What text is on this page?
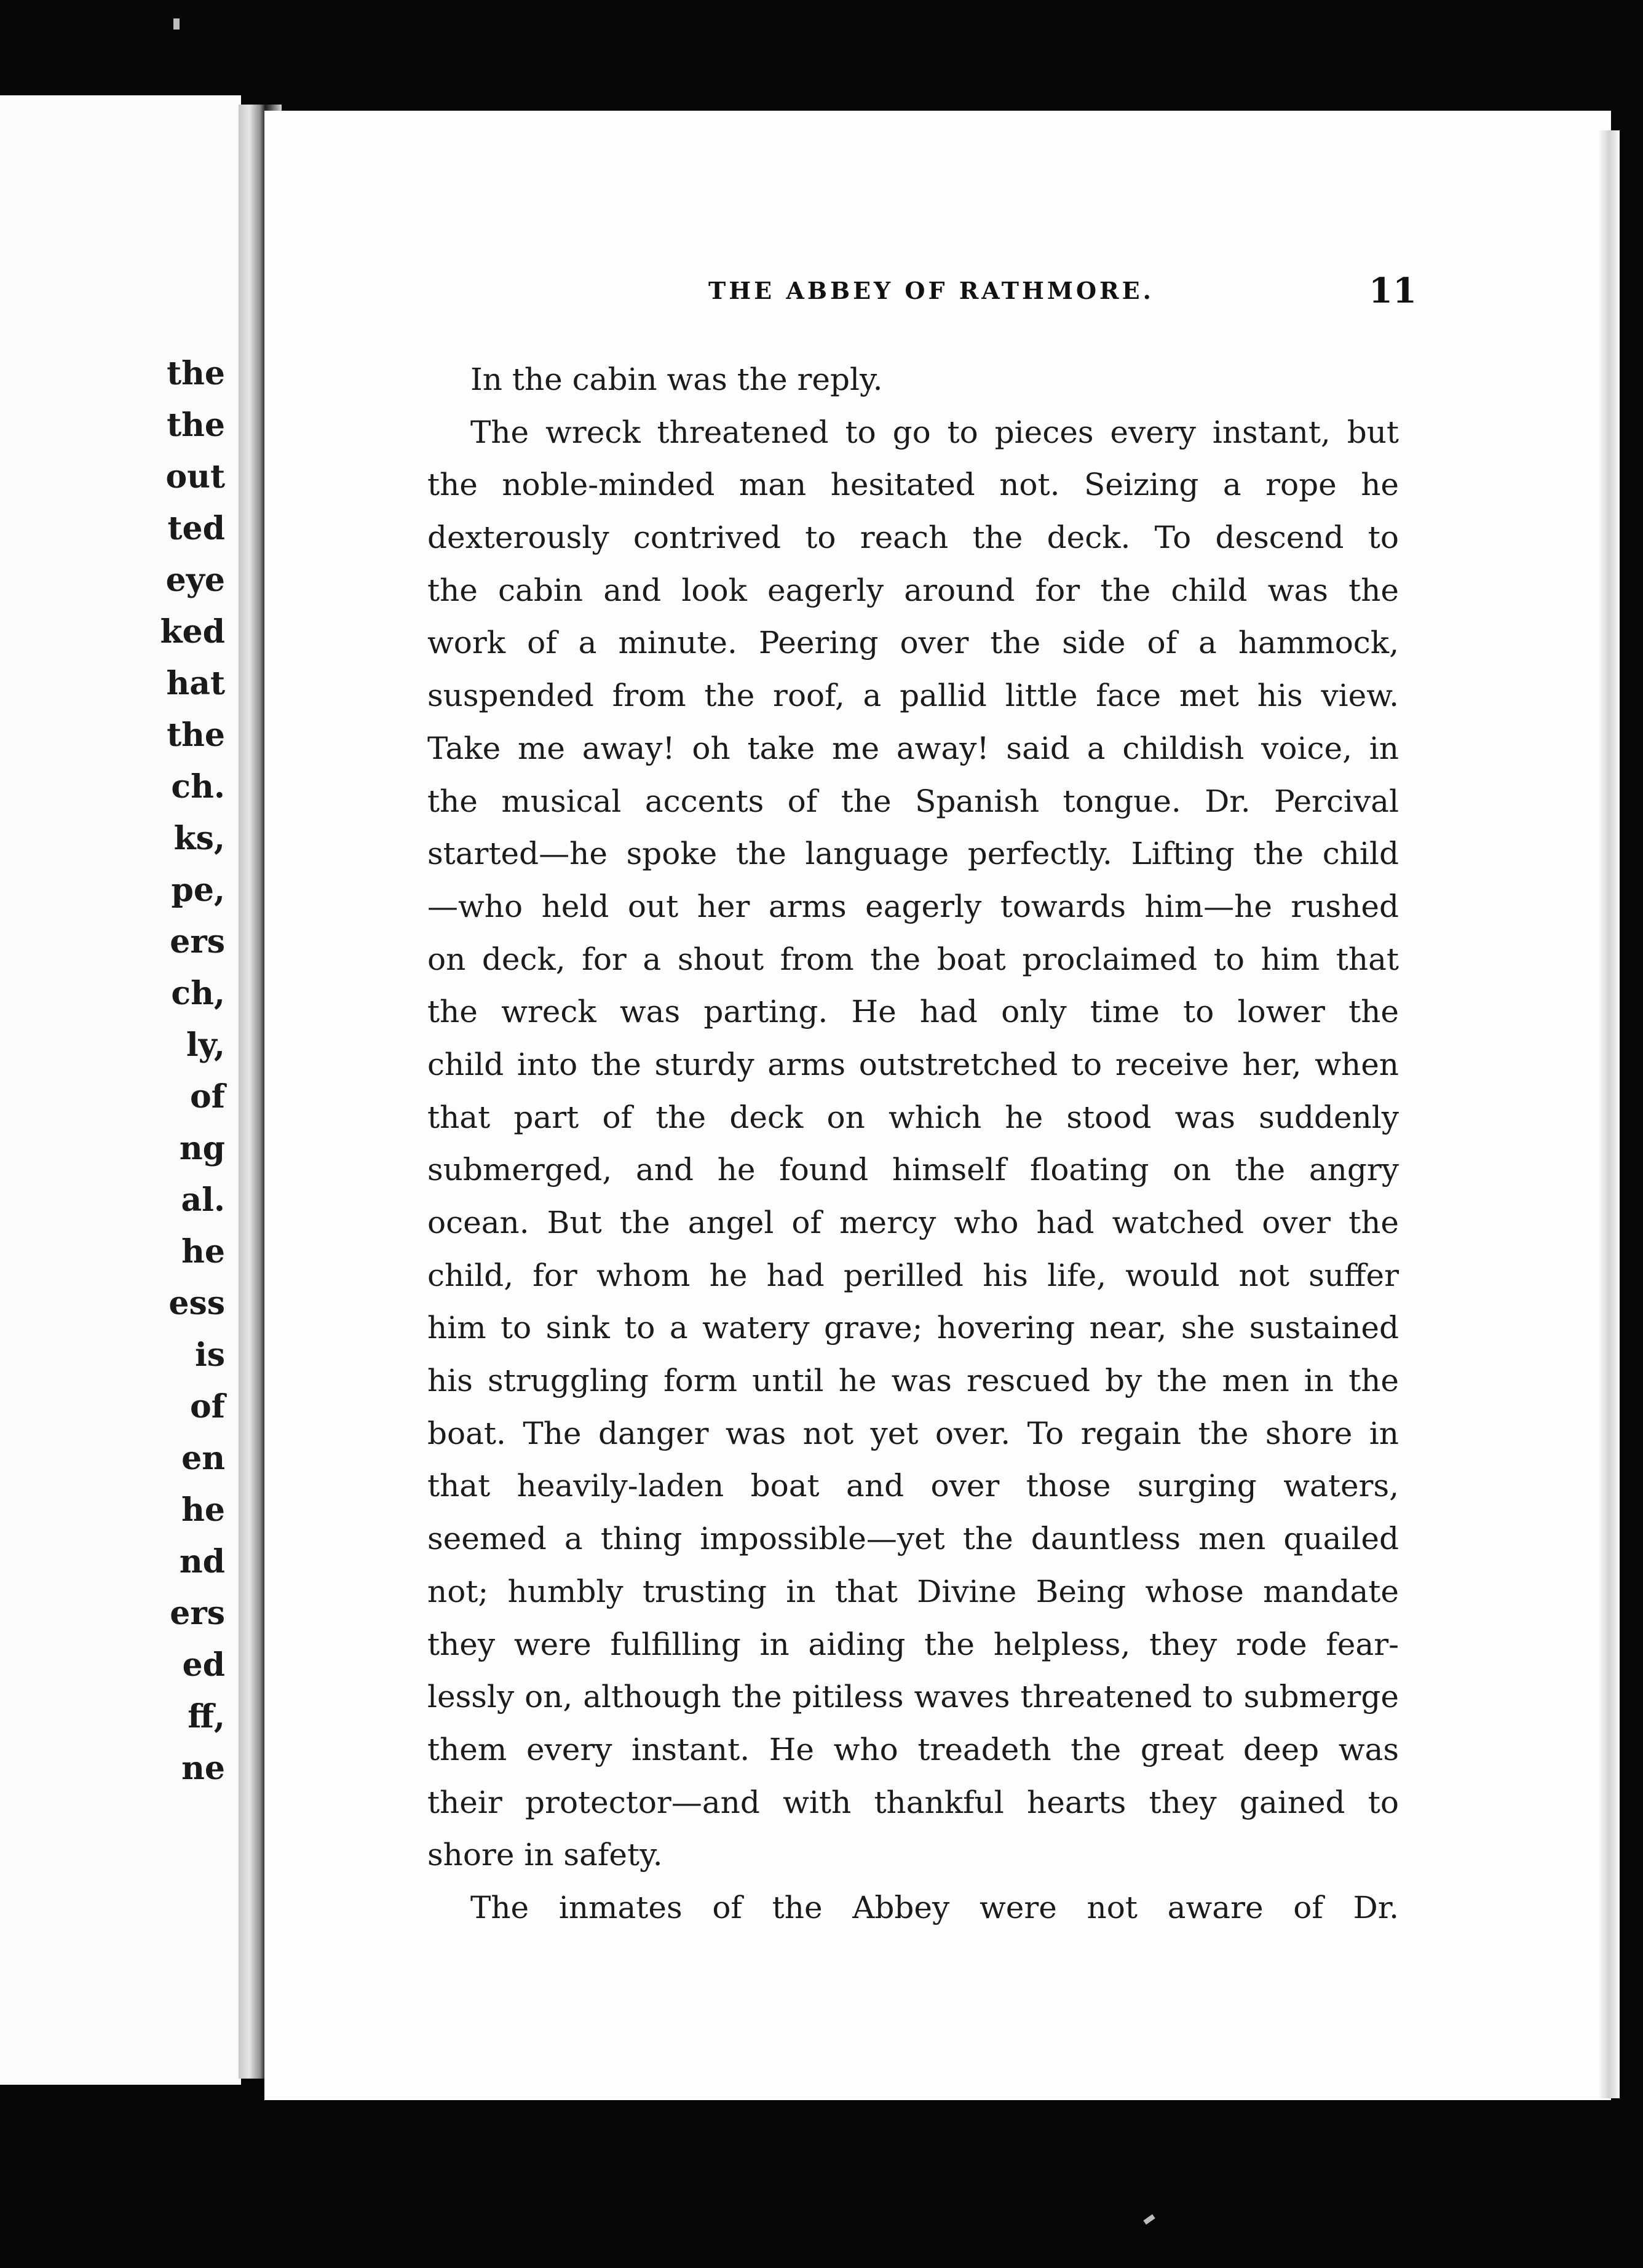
the

the

out

ted

eye

ked

hat

the

ch.

ks,

pe,

ers

ch,

ly,

of

ng

al.

he

ess

is

of

en

he

nd

ers

ed

ff,

ne

THE ABBEY OF RATHMORE.	11

In the cabin was the reply.

The wreck threatened to go to pieces every instant, but

the noble-minded man hesitated not. Seizing a rope he

dexterously contrived to reach the deck. To descend to

the cabin and look eagerly around for the child was the

work of a minute. Peering over the side of a hammock,

suspended from the roof, a pallid little face met his view.

Take me away! oh take me away! said a childish voice, in

the musical accents of the Spanish tongue. Dr. Percival

started—he spoke the language perfectly. Lifting the child

—who held out her arms eagerly towards him—he rushed

on deck, for a shout from the boat proclaimed to him that

the wreck was parting. He had only time to lower the

child into the sturdy arms outstretched to receive her, when

that part of the deck on which he stood was suddenly

submerged, and he found himself floating on the angry

ocean. But the angel of mercy who had watched over the

child, for whom he had perilled his life, would not suffer

him to sink to a watery grave; hovering near, she sustained

his struggling form until he was rescued by the men in the

boat. The danger was not yet over. To regain the shore in

that heavily-laden boat and over those surging waters,

seemed a thing impossible—yet the dauntless men quailed

not; humbly trusting in that Divine Being whose mandate

they were fulfilling in aiding the helpless, they rode fear-

lessly on, although the pitiless waves threatened to submerge

them every instant. He who treadeth the great deep was

their protector—and with thankful hearts they gained to

shore in safety.

The inmates of the Abbey were not aware of Dr.
